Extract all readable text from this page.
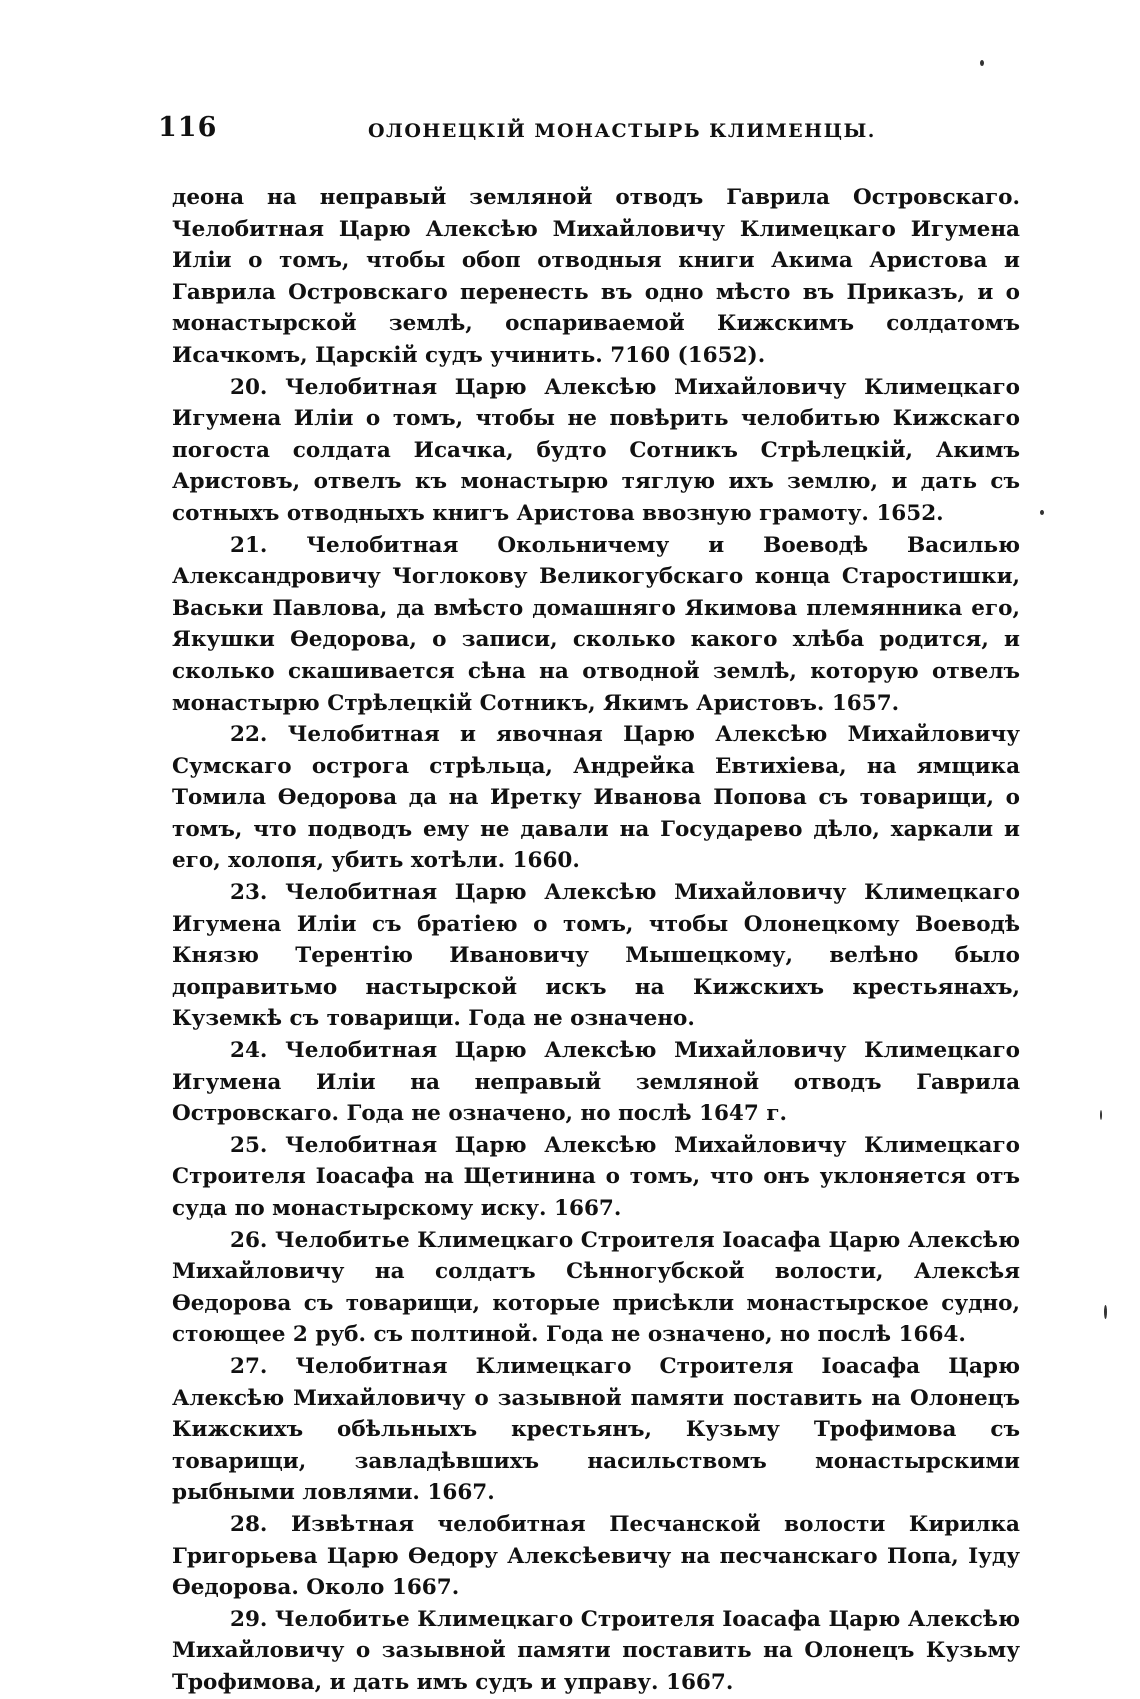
116	ОЛОНЕЦКІЙ МОНАСТЫРЬ КЛИМЕНЦЫ.

деона на неправый земляной отводъ Гаврила Островскаго. Челобитная Царю Алексѣю Михайловичу Климецкаго Игумена Иліи о томъ, чтобы обоп отводныя книги Акима Аристова и Гаврила Островскаго перенесть въ одно мѣсто въ Приказъ, и о монастырской землѣ, оспариваемой Кижскимъ солдатомъ Исачкомъ, Царскій судъ учинить. 7160 (1652).

20. Челобитная Царю Алексѣю Михайловичу Климецкаго Игумена Иліи о томъ, чтобы не повѣрить челобитью Кижскаго погоста солдата Исачка, будто Сотникъ Стрѣлецкій, Акимъ Аристовъ, отвелъ къ монастырю тяглую ихъ землю, и дать съ сотныхъ отводныхъ книгъ Аристова ввозную грамоту. 1652.

21. Челобитная Окольничему и Воеводѣ Василью Александровичу Чоглокову Великогубскаго конца Старостишки, Васьки Павлова, да вмѣсто домашняго Якимова племянника его, Якушки Ѳедорова, о записи, сколько какого хлѣба родится, и сколько скашивается сѣна на отводной землѣ, которую отвелъ монастырю Стрѣлецкій Сотникъ, Якимъ Аристовъ. 1657.

22. Челобитная и явочная Царю Алексѣю Михайловичу Сумскаго острога стрѣльца, Андрейка Евтихіева, на ямщика Томила Ѳедорова да на Иретку Иванова Попова съ товарищи, о томъ, что подводъ ему не давали на Государево дѣло, харкали и его, холопя, убить хотѣли. 1660.

23. Челобитная Царю Алексѣю Михайловичу Климецкаго Игумена Иліи съ братіею о томъ, чтобы Олонецкому Воеводѣ Князю Терентію Ивановичу Мышецкому, велѣно было доправитьмо настырской искъ на Кижскихъ крестьянахъ, Куземкѣ съ товарищи. Года не означено.

24. Челобитная Царю Алексѣю Михайловичу Климецкаго Игумена Иліи на неправый земляной отводъ Гаврила Островскаго. Года не означено, но послѣ 1647 г.

25. Челобитная Царю Алексѣю Михайловичу Климецкаго Строителя Іоасафа на Щетинина о томъ, что онъ уклоняется отъ суда по монастырскому иску. 1667.

26. Челобитье Климецкаго Строителя Іоасафа Царю Алексѣю Михайловичу на солдатъ Сѣнногубской волости, Алексѣя Ѳедорова съ товарищи, которые присѣкли монастырское судно, стоющее 2 руб. съ полтиной. Года не означено, но послѣ 1664.

27. Челобитная Климецкаго Строителя Іоасафа Царю Алексѣю Михайловичу о зазывной памяти поставить на Олонецъ Кижскихъ обѣльныхъ крестьянъ, Кузьму Трофимова съ товарищи, завладѣвшихъ насильствомъ монастырскими рыбными ловлями. 1667.

28. Извѣтная челобитная Песчанской волости Кирилка Григорьева Царю Ѳедору Алексѣевичу на песчанскаго Попа, Іуду Ѳедорова. Около 1667.

29. Челобитье Климецкаго Строителя Іоасафа Царю Алексѣю Михайловичу о зазывной памяти поставить на Олонецъ Кузьму Трофимова, и дать имъ судъ и управу. 1667.
